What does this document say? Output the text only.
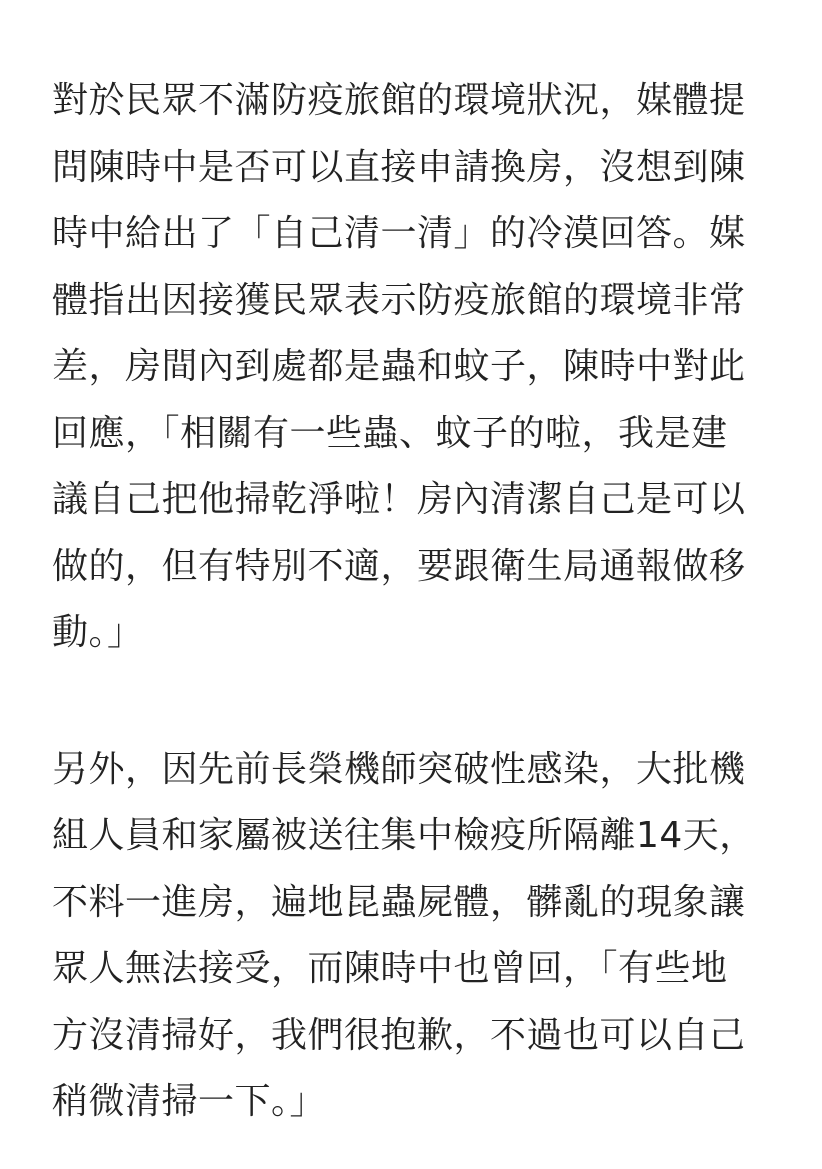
對於民眾不滿防疫旅館的環境狀況，媒體提
問陳時中是否可以直接申請換房，沒想到陳
時中給出了「自己清一清」的冷漠回答。媒
體指出因接獲民眾表示防疫旅館的環境非常
差，房間內到處都是蟲和蚊子，陳時中對此
回應，「相關有一些蟲、蚊子的啦，我是建
議自己把他掃乾淨啦！房內清潔自己是可以
做的，但有特別不適，要跟衛生局通報做移
動。」
另外，因先前長榮機師突破性感染，大批機
組人員和家屬被送往集中檢疫所隔離14天，
不料一進房，遍地昆蟲屍體，髒亂的現象讓
眾人無法接受，而陳時中也曾回，「有些地
方沒清掃好，我們很抱歉，不過也可以自己
稍微清掃一下。」
